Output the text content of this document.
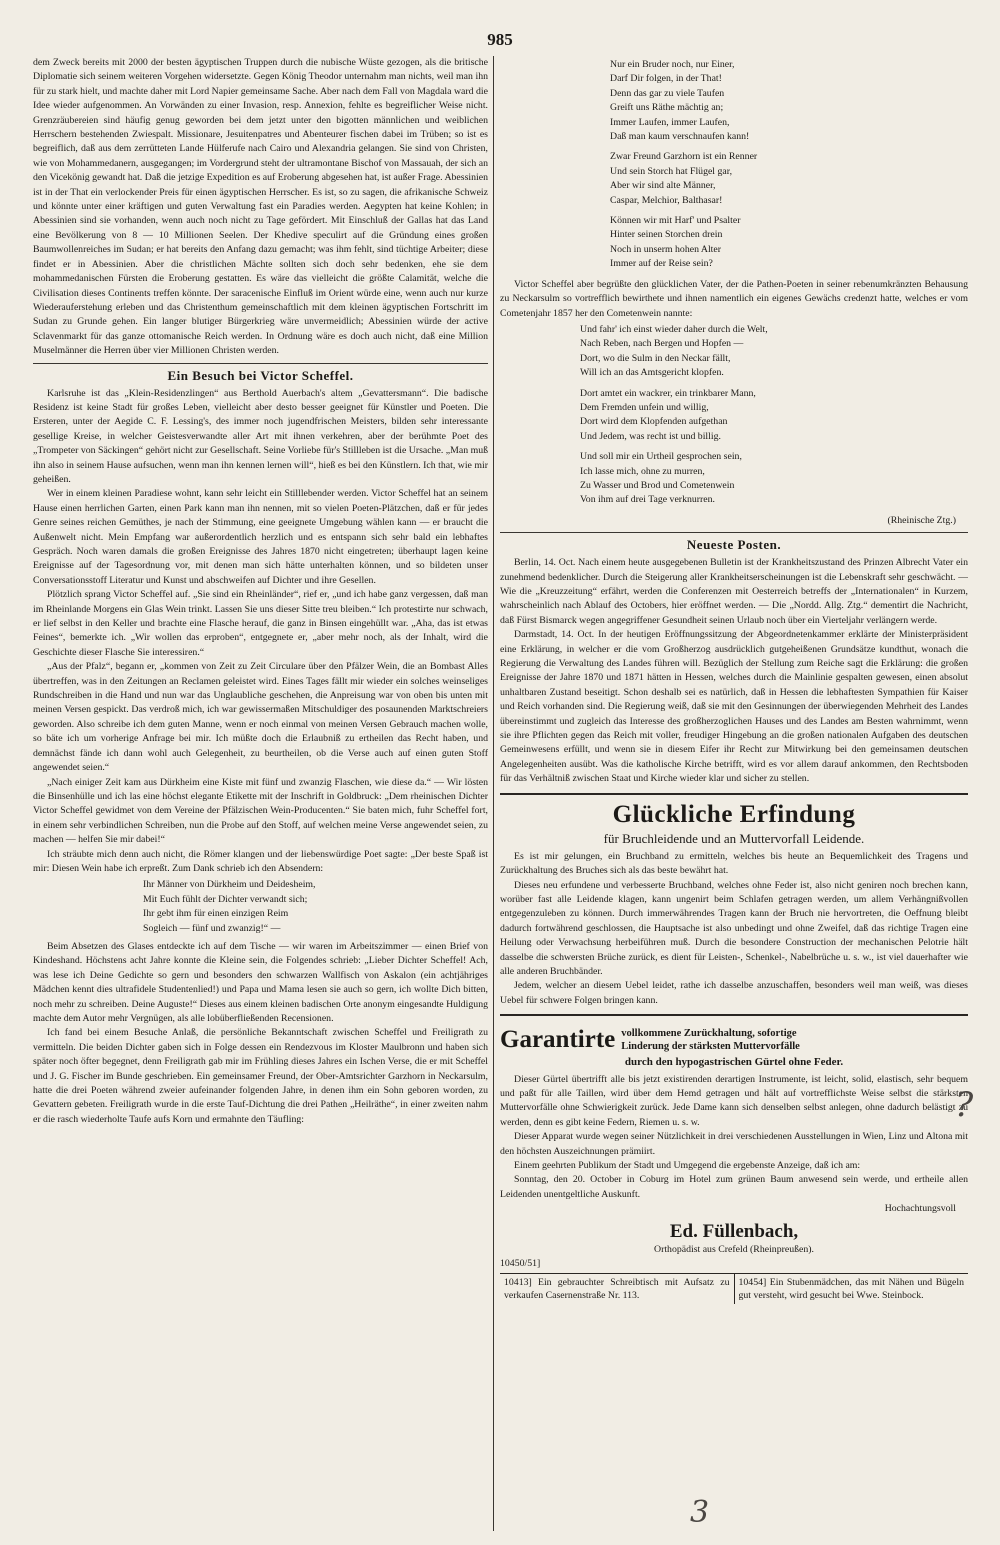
985

dem Zweck bereits mit 2000 der besten ägyptischen Truppen durch die nubische Wüste gezogen, als die britische Diplomatie sich seinem weiteren Vorgehen widersetzte. Gegen König Theodor unternahm man nichts, weil man ihn für zu stark hielt, und machte daher mit Lord Napier gemeinsame Sache. Aber nach dem Fall von Magdala ward die Idee wieder aufgenommen. An Vorwänden zu einer Invasion, resp. Annexion, fehlte es begreiflicher Weise nicht. Grenzräubereien sind häufig genug geworden bei dem jetzt unter den bigotten männlichen und weiblichen Herrschern bestehenden Zwiespalt. Missionare, Jesuitenpatres und Abenteurer fischen dabei im Trüben; so ist es begreiflich, daß aus dem zerrütteten Lande Hülferufe nach Cairo und Alexandria gelangen. Sie sind von Christen, wie von Mohammedanern, ausgegangen; im Vordergrund steht der ultramontane Bischof von Massauah, der sich an den Vicekönig gewandt hat. Daß die jetzige Expedition es auf Eroberung abgesehen hat, ist außer Frage. Abessinien ist in der That ein verlockender Preis für einen ägyptischen Herrscher. Es ist, so zu sagen, die afrikanische Schweiz und könnte unter einer kräftigen und guten Verwaltung fast ein Paradies werden. Aegypten hat keine Kohlen; in Abessinien sind sie vorhanden, wenn auch noch nicht zu Tage gefördert. Mit Einschluß der Gallas hat das Land eine Bevölkerung von 8 — 10 Millionen Seelen. Der Khedive speculirt auf die Gründung eines großen Baumwollenreiches im Sudan; er hat bereits den Anfang dazu gemacht; was ihm fehlt, sind tüchtige Arbeiter; diese findet er in Abessinien. Aber die christlichen Mächte sollten sich doch sehr bedenken, ehe sie dem mohammedanischen Fürsten die Eroberung gestatten. Es wäre das vielleicht die größte Calamität, welche die Civilisation dieses Continents treffen könnte. Der saracenische Einfluß im Orient würde eine, wenn auch nur kurze Wiederauferstehung erleben und das Christenthum gemeinschaftlich mit dem kleinen ägyptischen Fortschritt im Sudan zu Grunde gehen. Ein langer blutiger Bürgerkrieg wäre unvermeidlich; Abessinien würde der active Sclavenmarkt für das ganze ottomanische Reich werden. In Ordnung wäre es doch auch nicht, daß eine Million Muselmänner die Herren über vier Millionen Christen werden.

Ein Besuch bei Victor Scheffel.

Karlsruhe ist das „Klein-Residenzlingen“ aus Berthold Auerbach's altem „Gevattersmann“. Die badische Residenz ist keine Stadt für großes Leben, vielleicht aber desto besser geeignet für Künstler und Poeten. Die Ersteren, unter der Aegide C. F. Lessing's, des immer noch jugendfrischen Meisters, bilden sehr interessante gesellige Kreise, in welcher Geistesverwandte aller Art mit ihnen verkehren, aber der berühmte Poet des „Trompeter von Säckingen“ gehört nicht zur Gesellschaft. Seine Vorliebe für's Stillleben ist die Ursache. „Man muß ihn also in seinem Hause aufsuchen, wenn man ihn kennen lernen will“, hieß es bei den Künstlern. Ich that, wie mir geheißen.

Wer in einem kleinen Paradiese wohnt, kann sehr leicht ein Stilllebender werden. Victor Scheffel hat an seinem Hause einen herrlichen Garten, einen Park kann man ihn nennen, mit so vielen Poeten-Plätzchen, daß er für jedes Genre seines reichen Gemüthes, je nach der Stimmung, eine geeignete Umgebung wählen kann — er braucht die Außenwelt nicht. Mein Empfang war außerordentlich herzlich und es entspann sich sehr bald ein lebhaftes Gespräch. Noch waren damals die großen Ereignisse des Jahres 1870 nicht eingetreten; überhaupt lagen keine Ereignisse auf der Tagesordnung vor, mit denen man sich hätte unterhalten können, und so bildeten unser Conversationsstoff Literatur und Kunst und abschweifen auf Dichter und ihre Gesellen.

Plötzlich sprang Victor Scheffel auf. „Sie sind ein Rheinländer“, rief er, „und ich habe ganz vergessen, daß man im Rheinlande Morgens ein Glas Wein trinkt. Lassen Sie uns dieser Sitte treu bleiben.“ Ich protestirte nur schwach, er lief selbst in den Keller und brachte eine Flasche herauf, die ganz in Binsen eingehüllt war. „Aha, das ist etwas Feines“, bemerkte ich. „Wir wollen das erproben“, entgegnete er, „aber mehr noch, als der Inhalt, wird die Geschichte dieser Flasche Sie interessiren.“

„Aus der Pfalz“, begann er, „kommen von Zeit zu Zeit Circulare über den Pfälzer Wein, die an Bombast Alles übertreffen, was in den Zeitungen an Reclamen geleistet wird. Eines Tages fällt mir wieder ein solches weinseliges Rundschreiben in die Hand und nun war das Unglaubliche geschehen, die Anpreisung war von oben bis unten mit meinen Versen gespickt. Das verdroß mich, ich war gewissermaßen Mitschuldiger des posaunenden Marktschreiers geworden. Also schreibe ich dem guten Manne, wenn er noch einmal von meinen Versen Gebrauch machen wolle, so bäte ich um vorherige Anfrage bei mir. Ich müßte doch die Erlaubniß zu ertheilen das Recht haben, und demnächst fände ich dann wohl auch Gelegenheit, zu beurtheilen, ob die Verse auch auf einen guten Stoff angewendet seien.“

„Nach einiger Zeit kam aus Dürkheim eine Kiste mit fünf und zwanzig Flaschen, wie diese da.“ — Wir lösten die Binsenhülle und ich las eine höchst elegante Etikette mit der Inschrift in Goldbruck: „Dem rheinischen Dichter Victor Scheffel gewidmet von dem Vereine der Pfälzischen Wein-Producenten.“ Sie baten mich, fuhr Scheffel fort, in einem sehr verbindlichen Schreiben, nun die Probe auf den Stoff, auf welchen meine Verse angewendet seien, zu machen — helfen Sie mir dabei!“

Ich sträubte mich denn auch nicht, die Römer klangen und der liebenswürdige Poet sagte: „Der beste Spaß ist mir: Diesen Wein habe ich erpreßt. Zum Dank schrieb ich den Absendern:

Ihr Männer von Dürkheim und Deidesheim,
Mit Euch fühlt der Dichter verwandt sich;
Ihr gebt ihm für einen einzigen Reim
Sogleich — fünf und zwanzig!“ —

Beim Absetzen des Glases entdeckte ich auf dem Tische — wir waren im Arbeitszimmer — einen Brief von Kindeshand. Höchstens acht Jahre konnte die Kleine sein, die Folgendes schrieb: „Lieber Dichter Scheffel! Ach, was lese ich Deine Gedichte so gern und besonders den schwarzen Wallfisch von Askalon (ein achtjähriges Mädchen kennt dies ultrafidele Studentenlied!) und Papa und Mama lesen sie auch so gern, ich wollte Dich bitten, noch mehr zu schreiben. Deine Auguste!“ Dieses aus einem kleinen badischen Orte anonym eingesandte Huldigung machte dem Autor mehr Vergnügen, als alle lobüberfließenden Recensionen.

Ich fand bei einem Besuche Anlaß, die persönliche Bekanntschaft zwischen Scheffel und Freiligrath zu vermitteln. Die beiden Dichter gaben sich in Folge dessen ein Rendezvous im Kloster Maulbronn und haben sich später noch öfter begegnet, denn Freiligrath gab mir im Frühling dieses Jahres ein Ischen Verse, die er mit Scheffel und J. G. Fischer im Bunde geschrieben. Ein gemeinsamer Freund, der Ober-Amtsrichter Garzhorn in Neckarsulm, hatte die drei Poeten während zweier aufeinander folgenden Jahre, in denen ihm ein Sohn geboren worden, zu Gevattern gebeten. Freiligrath wurde in die erste Tauf-Dichtung die drei Pathen „Heilräthe“, in einer zweiten nahm er die rasch wiederholte Taufe aufs Korn und ermahnte den Täufling:

Nur ein Bruder noch, nur Einer,
Darf Dir folgen, in der That!
Denn das gar zu viele Taufen
Greift uns Räthe mächtig an;
Immer Laufen, immer Laufen,
Daß man kaum verschnaufen kann!
Zwar Freund Garzhorn ist ein Renner
Und sein Storch hat Flügel gar,
Aber wir sind alte Männer,
Caspar, Melchior, Balthasar!
Können wir mit Harf' und Psalter
Hinter seinen Storchen drein
Noch in unserm hohen Alter
Immer auf der Reise sein?

Victor Scheffel aber begrüßte den glücklichen Vater, der die Pathen-Poeten in seiner rebenumkränzten Behausung zu Neckarsulm so vortrefflich bewirthete und ihnen namentlich ein eigenes Gewächs credenzt hatte, welches er vom Cometenjahr 1857 her den Cometenwein nannte:

Und fahr' ich einst wieder daher durch die Welt,
Nach Reben, nach Bergen und Hopfen —
Dort, wo die Sulm in den Neckar fällt,
Will ich an das Amtsgericht klopfen.
Dort amtet ein wackrer, ein trinkbarer Mann,
Dem Fremden unfein und willig,
Dort wird dem Klopfenden aufgethan
Und Jedem, was recht ist und billig.
Und soll mir ein Urtheil gesprochen sein,
Ich lasse mich, ohne zu murren,
Zu Wasser und Brod und Cometenwein
Von ihm auf drei Tage verknurren.
(Rheinische Ztg.)
Neueste Posten.

Berlin, 14. Oct. Nach einem heute ausgegebenen Bulletin ist der Krankheitszustand des Prinzen Albrecht Vater ein zunehmend bedenklicher. Durch die Steigerung aller Krankheitserscheinungen ist die Lebenskraft sehr geschwächt. — Wie die „Kreuzzeitung“ erfährt, werden die Conferenzen mit Oesterreich betreffs der „Internationalen“ in Kurzem, wahrscheinlich nach Ablauf des Octobers, hier eröffnet werden. — Die „Nordd. Allg. Ztg.“ dementirt die Nachricht, daß Fürst Bismarck wegen angegriffener Gesundheit seinen Urlaub noch über ein Vierteljahr verlängern werde.

Darmstadt, 14. Oct. In der heutigen Eröffnungssitzung der Abgeordnetenkammer erklärte der Ministerpräsident eine Erklärung, in welcher er die vom Großherzog ausdrücklich gutgeheißenen Grundsätze kundthut, wonach die Regierung die Verwaltung des Landes führen will. Bezüglich der Stellung zum Reiche sagt die Erklärung: die großen Ereignisse der Jahre 1870 und 1871 hätten in Hessen, welches durch die Mainlinie gespalten gewesen, einen absolut unhaltbaren Zustand beseitigt. Schon deshalb sei es natürlich, daß in Hessen die lebhaftesten Sympathien für Kaiser und Reich vorhanden sind. Die Regierung weiß, daß sie mit den Gesinnungen der überwiegenden Mehrheit des Landes übereinstimmt und zugleich das Interesse des großherzoglichen Hauses und des Landes am Besten wahrnimmt, wenn sie ihre Pflichten gegen das Reich mit voller, freudiger Hingebung an die großen nationalen Aufgaben des deutschen Gemeinwesens erfüllt, und wenn sie in diesem Eifer ihr Recht zur Mitwirkung bei den gemeinsamen deutschen Angelegenheiten ausübt. Was die katholische Kirche betrifft, wird es vor allem darauf ankommen, den Rechtsboden für das Verhältniß zwischen Staat und Kirche wieder klar und sicher zu stellen.

Glückliche Erfindung
für Bruchleidende und an Muttervorfall Leidende.

Es ist mir gelungen, ein Bruchband zu ermitteln, welches bis heute an Bequemlichkeit des Tragens und Zurückhaltung des Bruches sich als das beste bewährt hat.

Dieses neu erfundene und verbesserte Bruchband, welches ohne Feder ist, also nicht geniren noch brechen kann, worüber fast alle Leidende klagen, kann ungenirt beim Schlafen getragen werden, um allem Verhängnißvollen entgegenzuleben zu können. Durch immerwährendes Tragen kann der Bruch nie hervortreten, die Oeffnung bleibt dadurch fortwährend geschlossen, die Hauptsache ist also unbedingt und ohne Zweifel, daß das richtige Tragen eine Heilung oder Verwachsung herbeiführen muß. Durch die besondere Construction der mechanischen Pelotrie hält dasselbe die schwersten Brüche zurück, es dient für Leisten-, Schenkel-, Nabelbrüche u. s. w., ist viel dauerhafter wie alle anderen Bruchbänder.

Jedem, welcher an diesem Uebel leidet, rathe ich dasselbe anzuschaffen, besonders weil man weiß, was dieses Uebel für schwere Folgen bringen kann.

Garantirte vollkommene Zurückhaltung, sofortige
Linderung der stärksten Muttervorfälle
durch den hypogastrischen Gürtel ohne Feder.

Dieser Gürtel übertrifft alle bis jetzt existirenden derartigen Instrumente, ist leicht, solid, elastisch, sehr bequem und paßt für alle Taillen, wird über dem Hemd getragen und hält auf vortrefflichste Weise selbst die stärksten Muttervorfälle ohne Schwierigkeit zurück. Jede Dame kann sich denselben selbst anlegen, ohne dadurch belästigt zu werden, denn es gibt keine Federn, Riemen u. s. w.

Dieser Apparat wurde wegen seiner Nützlichkeit in drei verschiedenen Ausstellungen in Wien, Linz und Altona mit den höchsten Auszeichnungen prämiirt.

Einem geehrten Publikum der Stadt und Umgegend die ergebenste Anzeige, daß ich am:

Sonntag, den 20. October in Coburg im Hotel zum grünen Baum anwesend sein werde, und ertheile allen Leidenden unentgeltliche Auskunft.

Hochachtungsvoll
Ed. Füllenbach,
Orthopädist aus Crefeld (Rheinpreußen).
10450/51]
10413] Ein gebrauchter Schreibtisch mit Aufsatz zu verkaufen Casernenstraße Nr. 113.
10454] Ein Stubenmädchen, das mit Nähen und Bügeln gut versteht, wird gesucht bei Wwe. Steinbock.
3
?
